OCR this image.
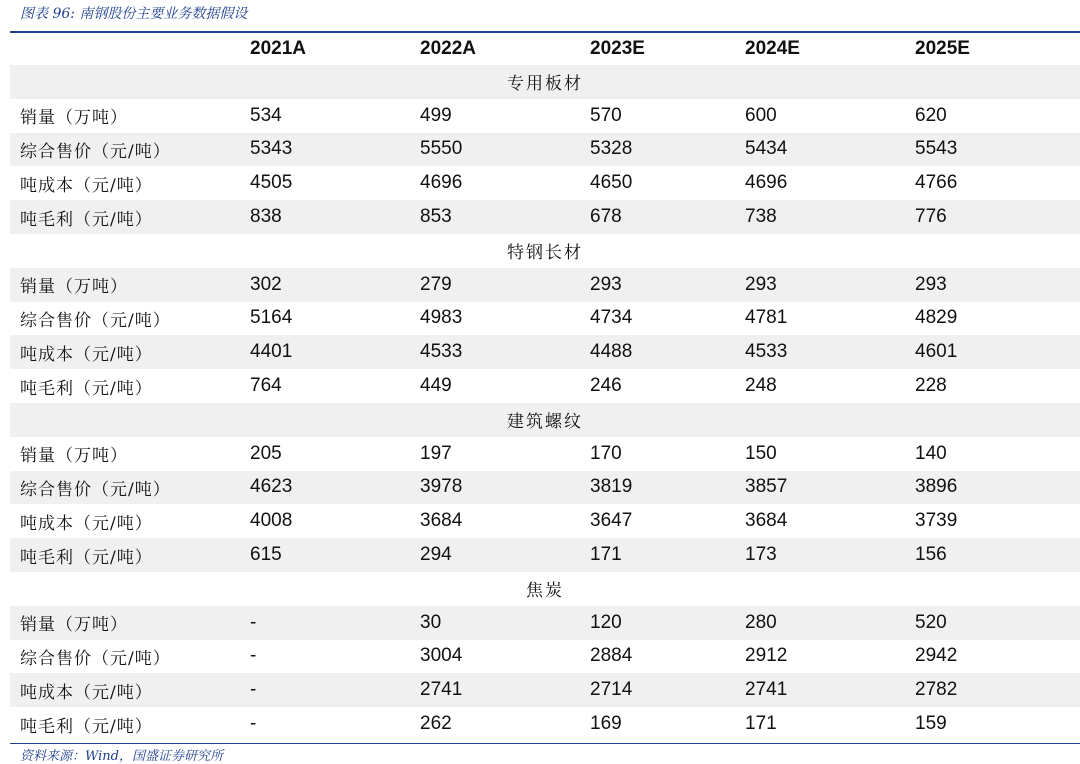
图表 96: 南钢股份主要业务数据假设
	2021A	2022A	2023E	2024E	2025E
专用板材					
销量（万吨）	534	499	570	600	620
综合售价（元/吨）	5343	5550	5328	5434	5543
吨成本（元/吨）	4505	4696	4650	4696	4766
吨毛利（元/吨）	838	853	678	738	776
特钢长材					
销量（万吨）	302	279	293	293	293
综合售价（元/吨）	5164	4983	4734	4781	4829
吨成本（元/吨）	4401	4533	4488	4533	4601
吨毛利（元/吨）	764	449	246	248	228
建筑螺纹					
销量（万吨）	205	197	170	150	140
综合售价（元/吨）	4623	3978	3819	3857	3896
吨成本（元/吨）	4008	3684	3647	3684	3739
吨毛利（元/吨）	615	294	171	173	156
焦炭					
销量（万吨）	-	30	120	280	520
综合售价（元/吨）	-	3004	2884	2912	2942
吨成本（元/吨）	-	2741	2714	2741	2782
吨毛利（元/吨）	-	262	169	171	159
资料来源：Wind，国盛证券研究所
